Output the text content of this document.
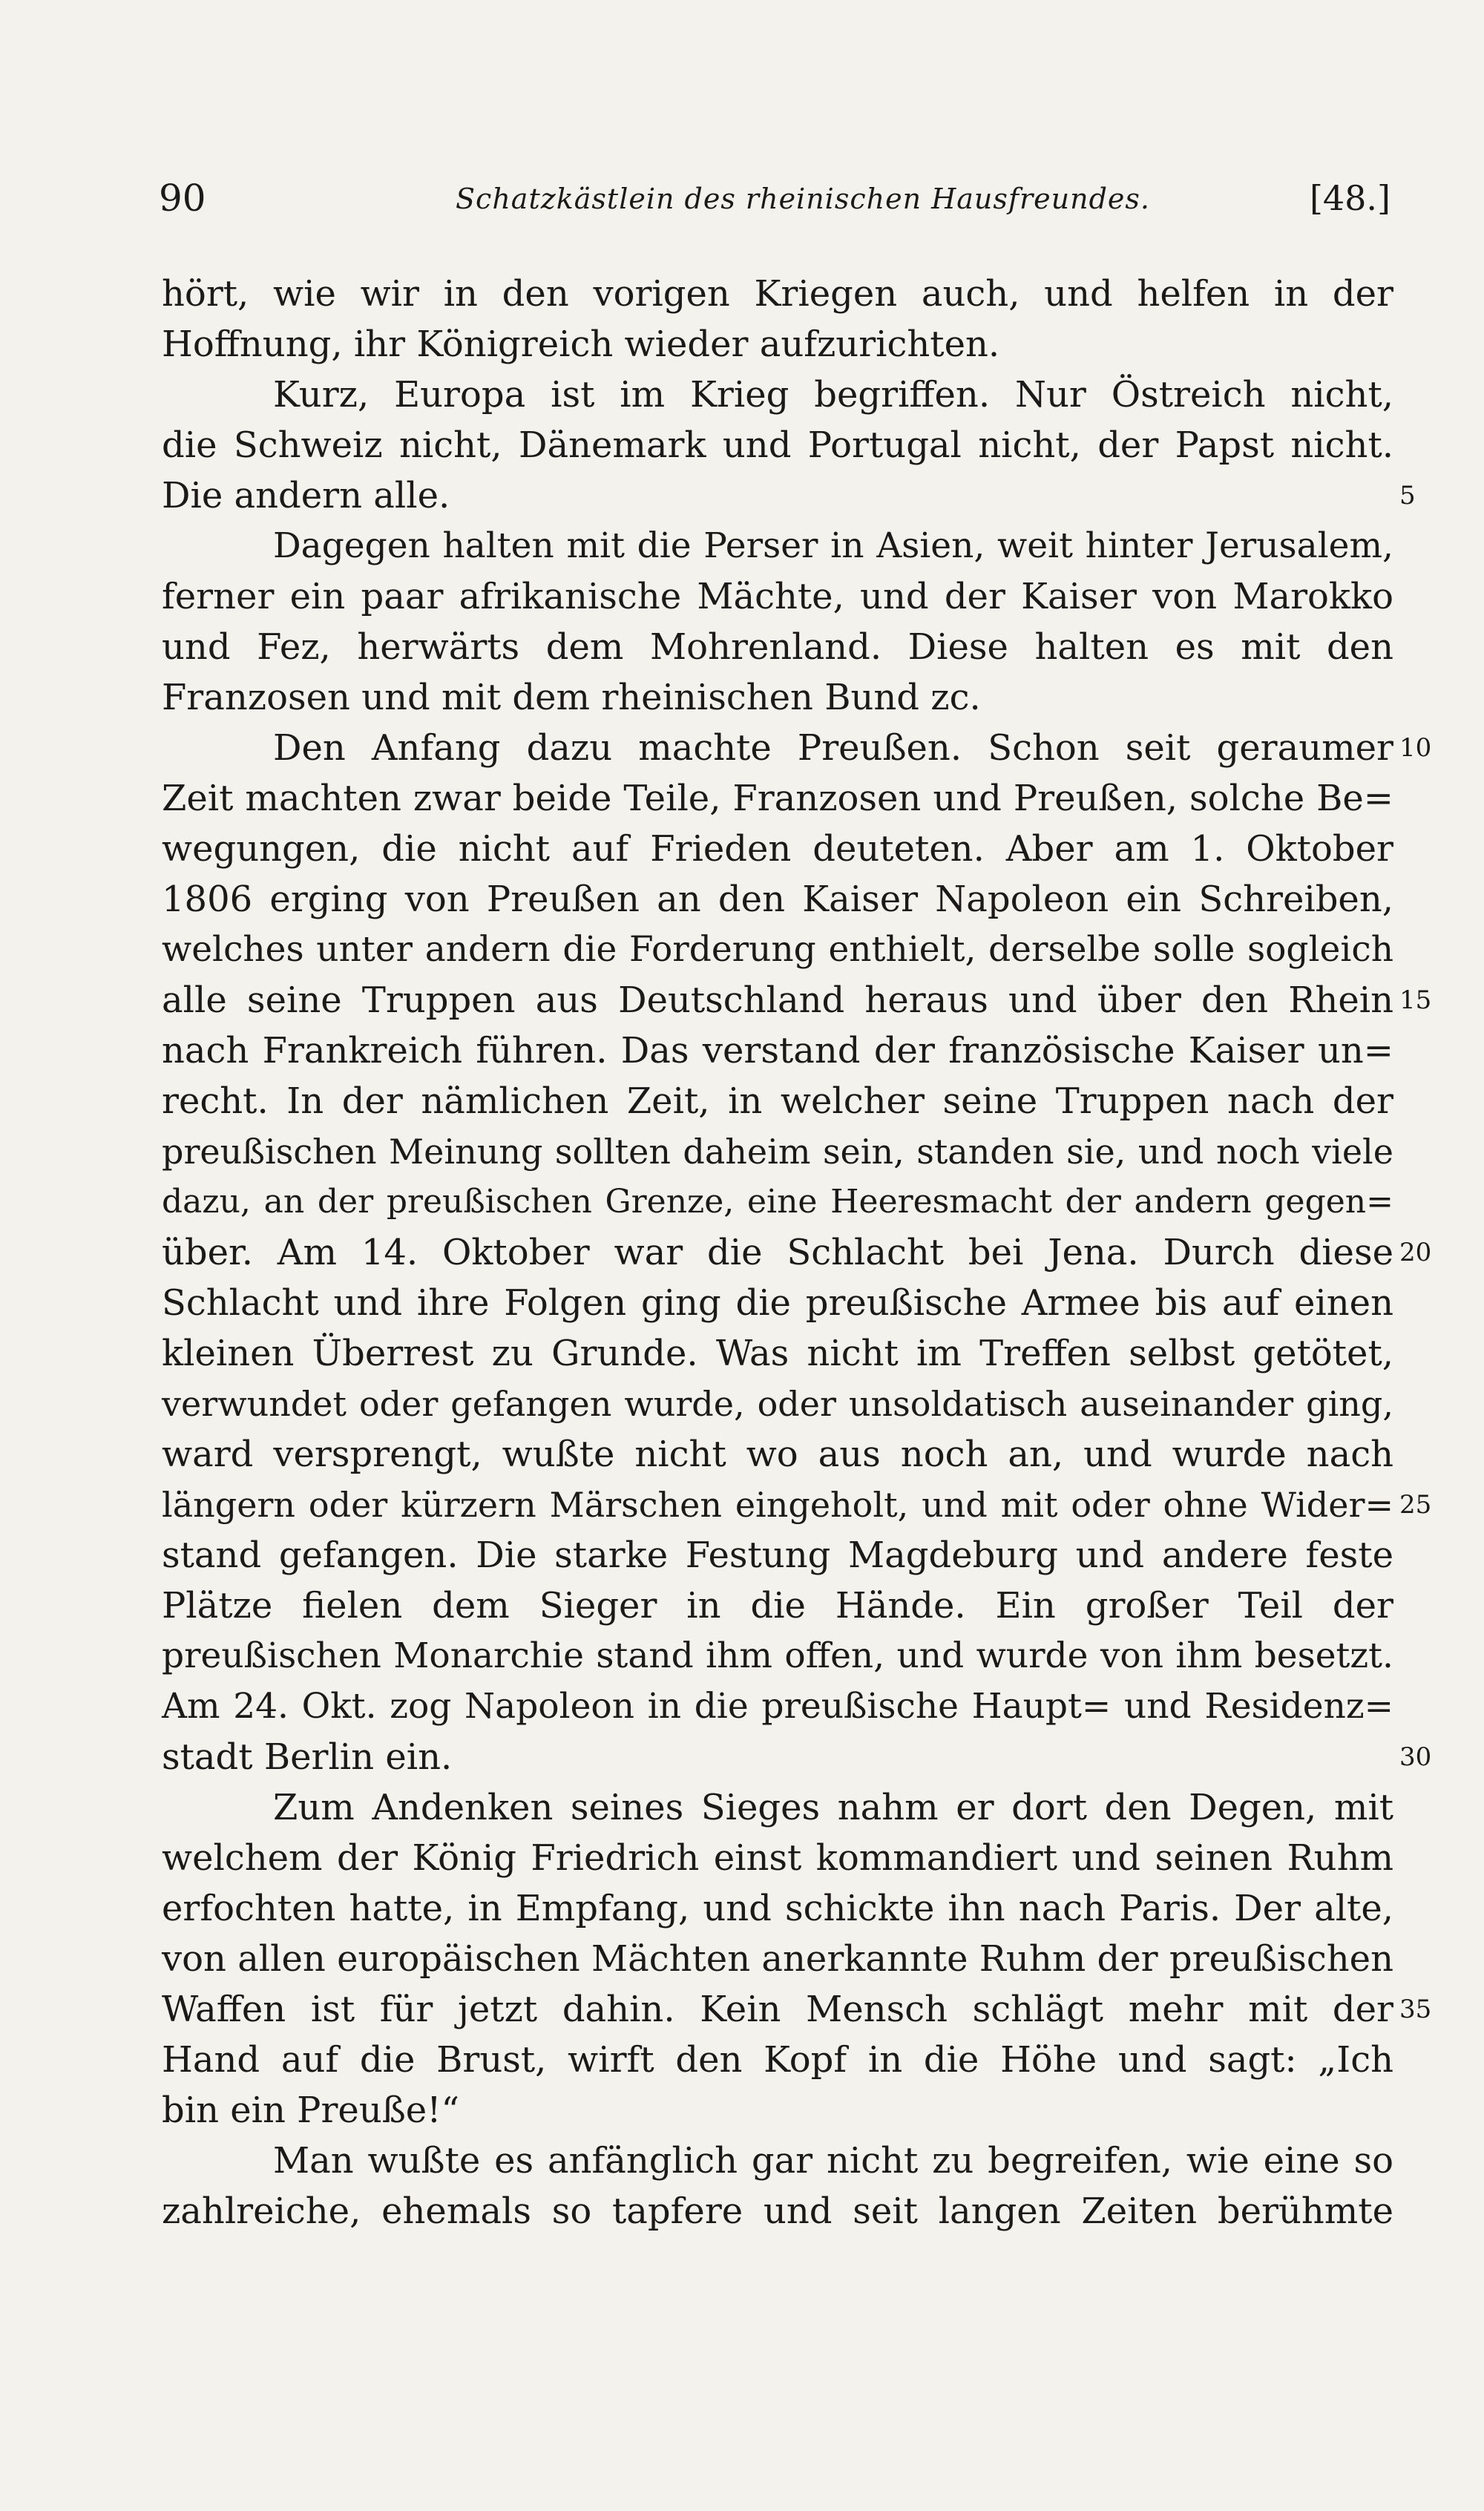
90	Schatzkästlein des rheinischen Hausfreundes.	[48.]
hört, wie wir in den vorigen Kriegen auch, und helfen in der
Hoffnung, ihr Königreich wieder aufzurichten.
Kurz, Europa ist im Krieg begriffen. Nur Östreich nicht,
die Schweiz nicht, Dänemark und Portugal nicht, der Papst nicht.
Die andern alle.	5
Dagegen halten mit die Perser in Asien, weit hinter Jerusalem,
ferner ein paar afrikanische Mächte, und der Kaiser von Marokko
und Fez, herwärts dem Mohrenland. Diese halten es mit den
Franzosen und mit dem rheinischen Bund zc.
Den Anfang dazu machte Preußen. Schon seit geraumer 10
Zeit machten zwar beide Teile, Franzosen und Preußen, solche Be=
wegungen, die nicht auf Frieden deuteten. Aber am 1. Oktober
1806 erging von Preußen an den Kaiser Napoleon ein Schreiben,
welches unter andern die Forderung enthielt, derselbe solle sogleich
alle seine Truppen aus Deutschland heraus und über den Rhein 15
nach Frankreich führen. Das verstand der französische Kaiser un=
recht. In der nämlichen Zeit, in welcher seine Truppen nach der
preußischen Meinung sollten daheim sein, standen sie, und noch viele
dazu, an der preußischen Grenze, eine Heeresmacht der andern gegen=
über. Am 14. Oktober war die Schlacht bei Jena. Durch diese 20
Schlacht und ihre Folgen ging die preußische Armee bis auf einen
kleinen Überrest zu Grunde. Was nicht im Treffen selbst getötet,
verwundet oder gefangen wurde, oder unsoldatisch auseinander ging,
ward versprengt, wußte nicht wo aus noch an, und wurde nach
längern oder kürzern Märschen eingeholt, und mit oder ohne Wider= 25
stand gefangen. Die starke Festung Magdeburg und andere feste
Plätze fielen dem Sieger in die Hände. Ein großer Teil der
preußischen Monarchie stand ihm offen, und wurde von ihm besetzt.
Am 24. Okt. zog Napoleon in die preußische Haupt= und Residenz=
stadt Berlin ein.	30
Zum Andenken seines Sieges nahm er dort den Degen, mit
welchem der König Friedrich einst kommandiert und seinen Ruhm
erfochten hatte, in Empfang, und schickte ihn nach Paris. Der alte,
von allen europäischen Mächten anerkannte Ruhm der preußischen
Waffen ist für jetzt dahin. Kein Mensch schlägt mehr mit der 35
Hand auf die Brust, wirft den Kopf in die Höhe und sagt: „Ich
bin ein Preuße!“
Man wußte es anfänglich gar nicht zu begreifen, wie eine so
zahlreiche, ehemals so tapfere und seit langen Zeiten berühmte
